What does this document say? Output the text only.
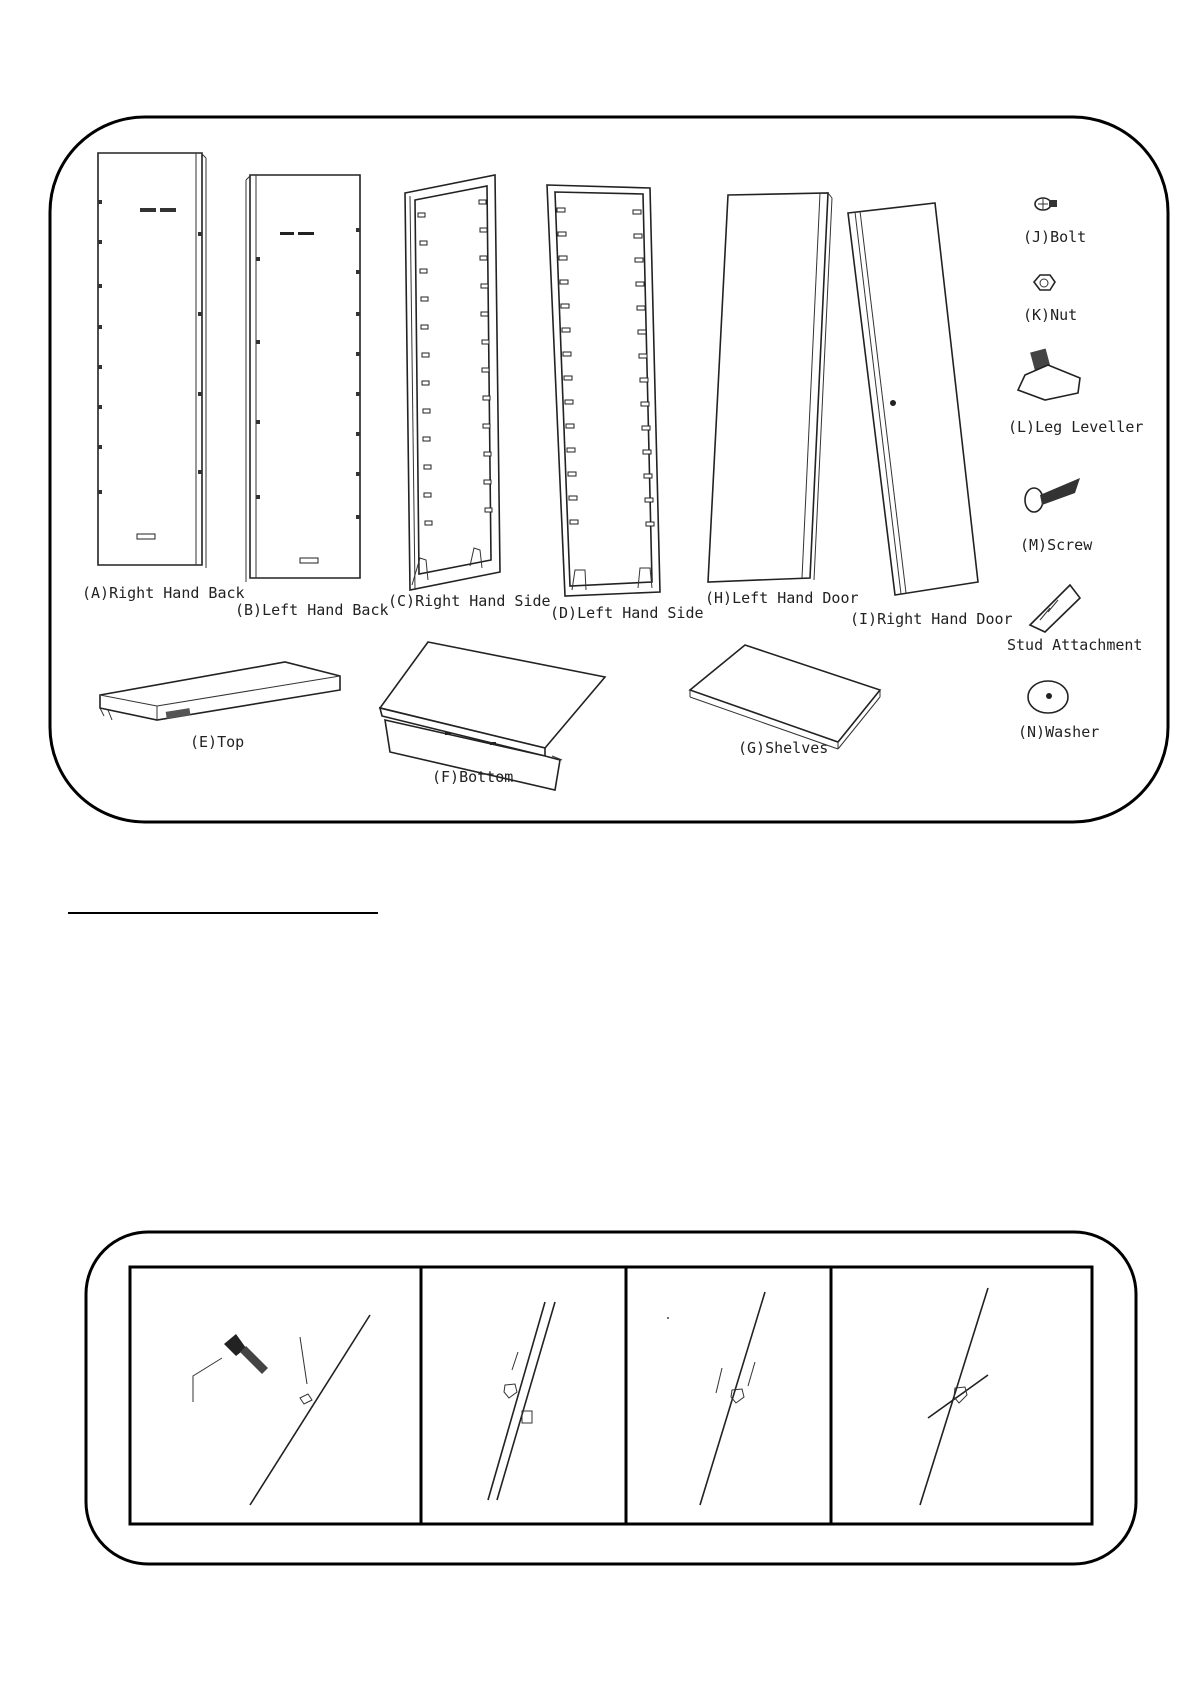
(A)Right Hand Back
(B)Left Hand Back (C)Right Hand Side
(D)Left Hand Side
(H)Left Hand Door
(I)Right Hand Door
(E)Top
(F)Bottom
(G)Shelves
(J)Bolt
(K)Nut
(L)Leg Leveller
(M)Screw
Stud Attachment
(N)Washer
